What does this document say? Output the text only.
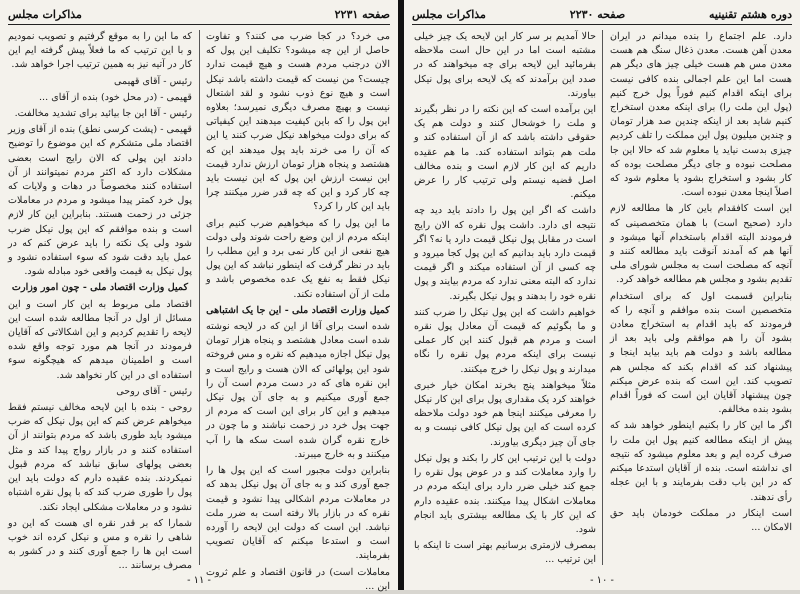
صفحه ۲۲۳۱
مذاکرات مجلس

می خرد؟ در کجا ضرب می کنند؟ و تفاوت حاصل از این چه میشود؟ تکلیف این پول که الان درجنب مردم هست و هیچ قیمت ندارد چیست؟ من نیست که قیمت داشته باشد نیکل است و هیچ نوع ذوب نشود و لقد اشتعال نیست و بهیچ مصرف دیگری نمیرسد؛ بعلاوه این پول را که باین کیفیت میدهند این کیفیاتی که برای دولت میخواهد نیکل ضرب کنند یا این که آن را می خرند باید پول میدهند این که هشتصد و پنجاه هزار تومان ارزش ندارد قیمت این نیست ارزش این پول که این نیست باید چه کار کرد و این که چه قدر ضرر میکنند چرا باید این کار را کرد؟

ما این پول را که میخواهیم ضرب کنیم برای اینکه مردم از این وضع راحت شوند ولی دولت هیچ نفعی از این کار نمی برد و این مطلب را باید در نظر گرفت که اینطور نباشد که این پول نیکل فقط به نفع یک عده مخصوص باشد و ملت از آن استفاده نکند.

کمیل وزارت اقتصاد ملی - این جا یک اشتباهی

شده است برای آقا از این که در لایحه نوشته شده است معادل هشتصد و پنجاه هزار تومان پول نیکل اجازه میدهیم که نقره و مس فروخته شود این پولهائی که الان هست و رایج است و این نقره های که در دست مردم است آن را جمع آوری میکنیم و به جای آن پول نیکل میدهیم و این کار برای این است که مردم از جهت پول خرد در زحمت نباشند و ما چون در خارج نقره گران شده است سکه ها را آب میکنند و به خارج میبرند.

بنابراین دولت مجبور است که این پول ها را جمع آوری کند و به جای آن پول نیکل بدهد که در معاملات مردم اشکالی پیدا نشود و قیمت نقره که در بازار بالا رفته است به ضرر ملت نباشد. این است که دولت این لایحه را آورده است و استدعا میکنم که آقایان تصویب بفرمایند.

معاملات است) در قانون اقتصاد و علم ثروت این ...

که ما این را به موقع گرفتیم و تصویب نمودیم و با این ترتیب که ما فعلاً پیش گرفته ایم این کار در آتیه نیز به همین ترتیب اجرا خواهد شد.

رئیس - آقای قهیمی

قهیمی - (در محل خود) بنده از آقای ...

رئیس - آقا این جا بیائید برای تشدید مخالفت.

قهیمی - (پشت کرسی نطق) بنده از آقای وزیر اقتصاد ملی متشکرم که این موضوع را توضیح دادند این پولی که الان رایج است بعضی مشکلات دارد که اکثر مردم نمیتوانند از آن استفاده کنند مخصوصاً در دهات و ولایات که پول خرد کمتر پیدا میشود و مردم در معاملات جزئی در زحمت هستند. بنابراین این کار لازم است و بنده موافقم که این پول نیکل ضرب شود ولی یک نکته را باید عرض کنم که در عمل باید دقت شود که سوء استفاده نشود و پول نیکل به قیمت واقعی خود مبادله شود.

کمیل وزارت اقتصاد ملی - چون امور وزارت

اقتصاد ملی مربوط به این کار است و این مسائل از اول در آنجا مطالعه شده است این لایحه را تقدیم کردیم و این اشکالاتی که آقایان فرمودند در آنجا هم مورد توجه واقع شده است و اطمینان میدهم که هیچگونه سوء استفاده ای در این کار نخواهد شد.

رئیس - آقای روحی

روحی - بنده با این لایحه مخالف نیستم فقط میخواهم عرض کنم که این پول نیکل که ضرب میشود باید طوری باشد که مردم بتوانند از آن استفاده کنند و در بازار رواج پیدا کند و مثل بعضی پولهای سابق نباشد که مردم قبول نمیکردند. بنده عقیده دارم که دولت باید این پول را طوری ضرب کند که با پول نقره اشتباه نشود و در معاملات مشکلی ایجاد نکند.

شمارا که بر قدر نقره ای هست که این دو شاهی را نقره و مس و نیکل کرده اند خوب است این ها را جمع آوری کنند و در کشور به مصرف برسانند ...

- ۱۱ -
دوره هشتم تقنینیه
صفحه ۲۲۳۰
مذاکرات مجلس

دارد. علم اجتماع را بنده میدانم در ایران معدن آهن هست. معدن ذغال سنگ هم هست معدن مس هم هست خیلی چیز های دیگر هم هست اما این علم اجمالی بنده کافی نیست برای اینکه اقدام کنیم فوراً پول خرج کنیم (پول این ملت را) برای اینکه معدن استخراج کنیم شاید بعد از اینکه چندین صد هزار تومان و چندین میلیون پول این مملکت را تلف کردیم چیزی بدست نیاید یا معلوم شد که حالا این جا مصلحت نبوده و جای دیگر مصلحت بوده که کار بشود و استخراج بشود یا معلوم شود که اصلاً اینجا معدن نبوده است.

این است کافقدام باین کار ها مطالعه لازم دارد (صحیح است) با همان متخصصینی که فرمودند البته اقدام باستخدام آنها میشود و آنها هم که آمدند آنوقت باید مطالعه کنند و آنچه که مصلحت است به مجلس شورای ملی تقدیم بشود و مجلس هم مطالعه خواهد کرد.

بنابراین قسمت اول که برای استخدام متخصصین است بنده موافقم و آنچه را که فرمودند که باید اقدام به استخراج معادن بشود آن را هم موافقم ولی باید بعد از مطالعه باشد و دولت هم باید بیاید اینجا و پیشنهاد کند که اقدام بکند که مجلس هم تصویب کند. این است که بنده عرض میکنم چون پیشنهاد آقایان این است که فوراً اقدام بشود بنده مخالفم.

اگر ما این کار را بکنیم اینطور خواهد شد که پیش از اینکه مطالعه کنیم پول این ملت را صرف کرده ایم و بعد معلوم میشود که نتیجه ای نداشته است. بنده از آقایان استدعا میکنم که در این باب دقت بفرمایند و با این عجله رأی ندهند.

است اینکار در مملکت خودمان باید حق الامکان ...

حالا آمدیم بر سر کار این لایحه یک چیز خیلی مشتبه است اما در این حال است ملاحظه بفرمائید این لایحه برای چه میخواهند که در صدد این برآمدند که یک لایحه برای پول نیکل بیاورند.

این برآمده است که این نکته را در نظر بگیرند و ملت را خوشحال کنند و دولت هم یک حقوقی داشته باشد که از آن استفاده کند و ملت هم بتواند استفاده کند. ما هم عقیده داریم که این کار لازم است و بنده مخالف اصل قضیه نیستم ولی ترتیب کار را عرض میکنم.

داشت که اگر این پول را دادند باید دید چه نتیجه ای دارد. داشت پول نقره که الان رایج است در مقابل پول نیکل قیمت دارد یا نه؟ اگر قیمت دارد باید بدانیم که این پول کجا میرود و چه کسی از آن استفاده میکند و اگر قیمت ندارد که البته معنی ندارد که مردم بیایند و پول نقره خود را بدهند و پول نیکل بگیرند.

خواهیم داشت که این پول نیکل را ضرب کنند و ما بگوئیم که قیمت آن معادل پول نقره است و مردم هم قبول کنند این کار عملی نیست برای اینکه مردم پول نقره را نگاه میدارند و پول نیکل را خرج میکنند.

مثلاً میخواهند پنج بخرند امکان خیار خبری خواهند کرد یک مقداری پول برای این کار نیکل را معرفی میکنند اینجا هم خود دولت ملاحظه کرده است که این پول نیکل کافی نیست و به جای آن چیز دیگری بیاورند.

دولت با این ترتیب این کار را بکند و پول نیکل را وارد معاملات کند و در عوض پول نقره را جمع کند خیلی ضرر دارد برای اینکه مردم در معاملات اشکال پیدا میکنند. بنده عقیده دارم که این کار با یک مطالعه بیشتری باید انجام شود.

بمصرف لازمتری برسانیم بهتر است تا اینکه با این ترتیب ...

- ۱۰ -
